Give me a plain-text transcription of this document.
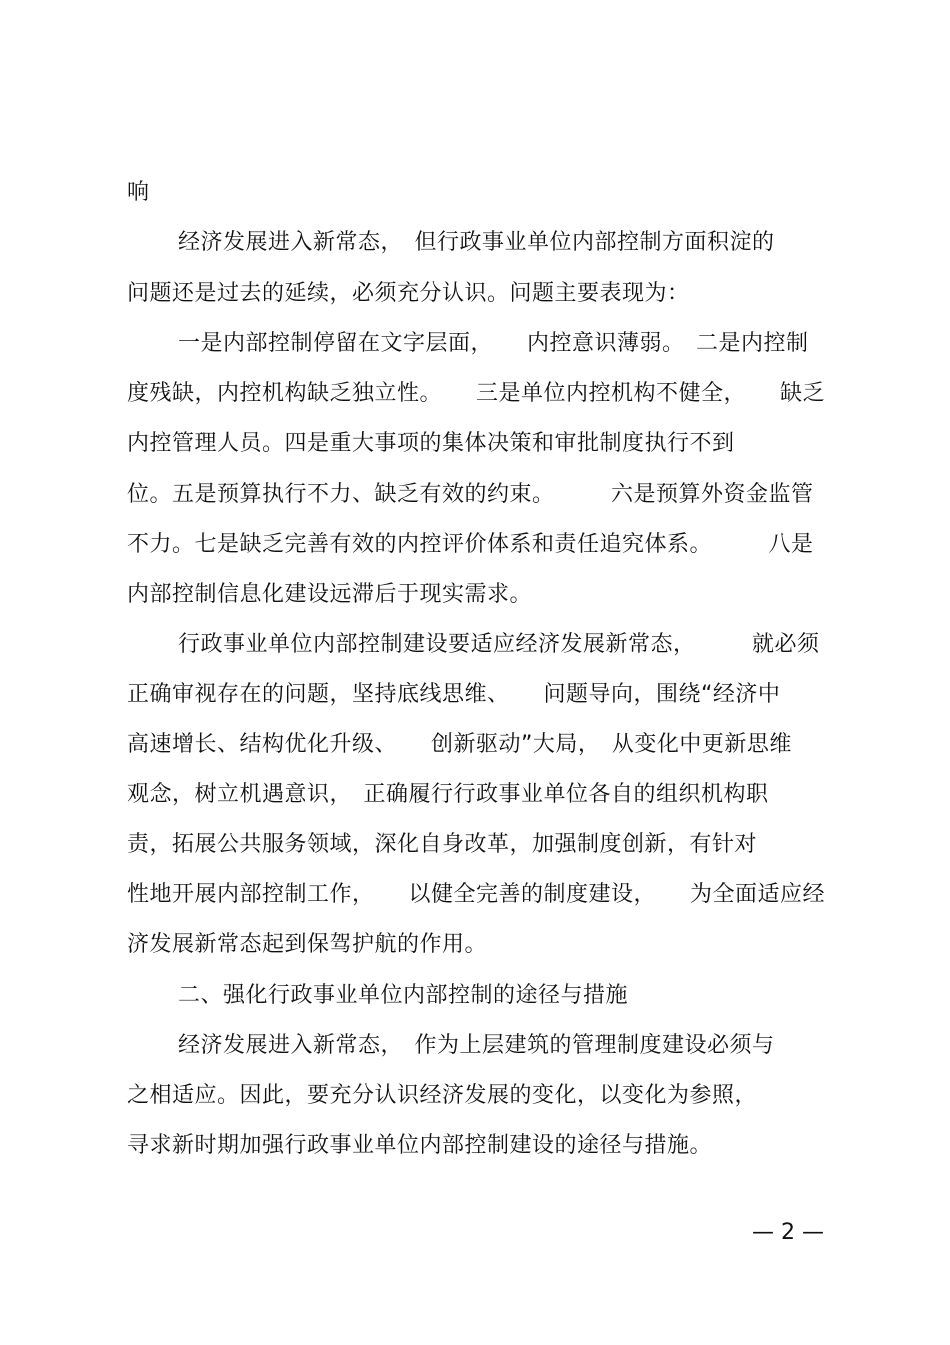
响
经济发展进入新常态，　但行政事业单位内部控制方面积淀的
问题还是过去的延续，必须充分认识。问题主要表现为：
一是内部控制停留在文字层面，　　内控意识薄弱。　二是内控制
度残缺，内控机构缺乏独立性。　　三是单位内控机构不健全，　　缺乏
内控管理人员。四是重大事项的集体决策和审批制度执行不到
位。五是预算执行不力、缺乏有效的约束。　　　六是预算外资金监管
不力。七是缺乏完善有效的内控评价体系和责任追究体系。　　　八是
内部控制信息化建设远滞后于现实需求。
行政事业单位内部控制建设要适应经济发展新常态，　　　就必须
正确审视存在的问题，坚持底线思维、　　问题导向，围绕“经济中
高速增长、结构优化升级、　　创新驱动”大局，　从变化中更新思维
观念，树立机遇意识，　正确履行行政事业单位各自的组织机构职
责，拓展公共服务领域，深化自身改革，加强制度创新，有针对
性地开展内部控制工作，　　以健全完善的制度建设，　　为全面适应经
济发展新常态起到保驾护航的作用。
二、强化行政事业单位内部控制的途径与措施
经济发展进入新常态，　作为上层建筑的管理制度建设必须与
之相适应。因此，要充分认识经济发展的变化，以变化为参照，
寻求新时期加强行政事业单位内部控制建设的途径与措施。
— 2 —
